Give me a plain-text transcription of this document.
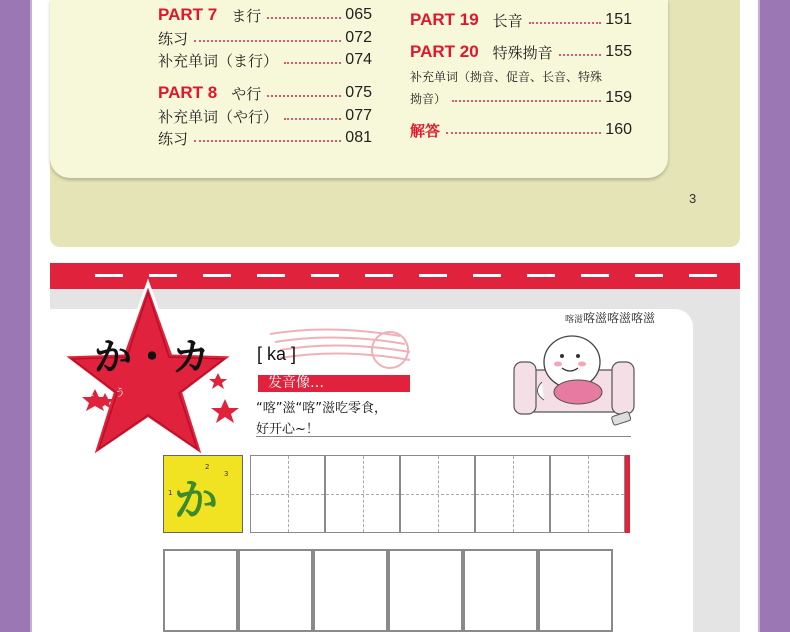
PART 7 ま行	065
练习	072
补充单词（ま行）	074
PART 8 や行	075
补充单词（や行）	077
练习	081
PART 19 长音	151
PART 20 特殊拗音	155
补充单词（拗音、促音、长音、特殊
拗音）	159
解答	160
3
か・カ
書きましょう
[ ka ]
发音像…
“喀”滋“喀”滋吃零食，
好开心~！
喀滋喀滋喀滋喀滋
か
1
2
3
